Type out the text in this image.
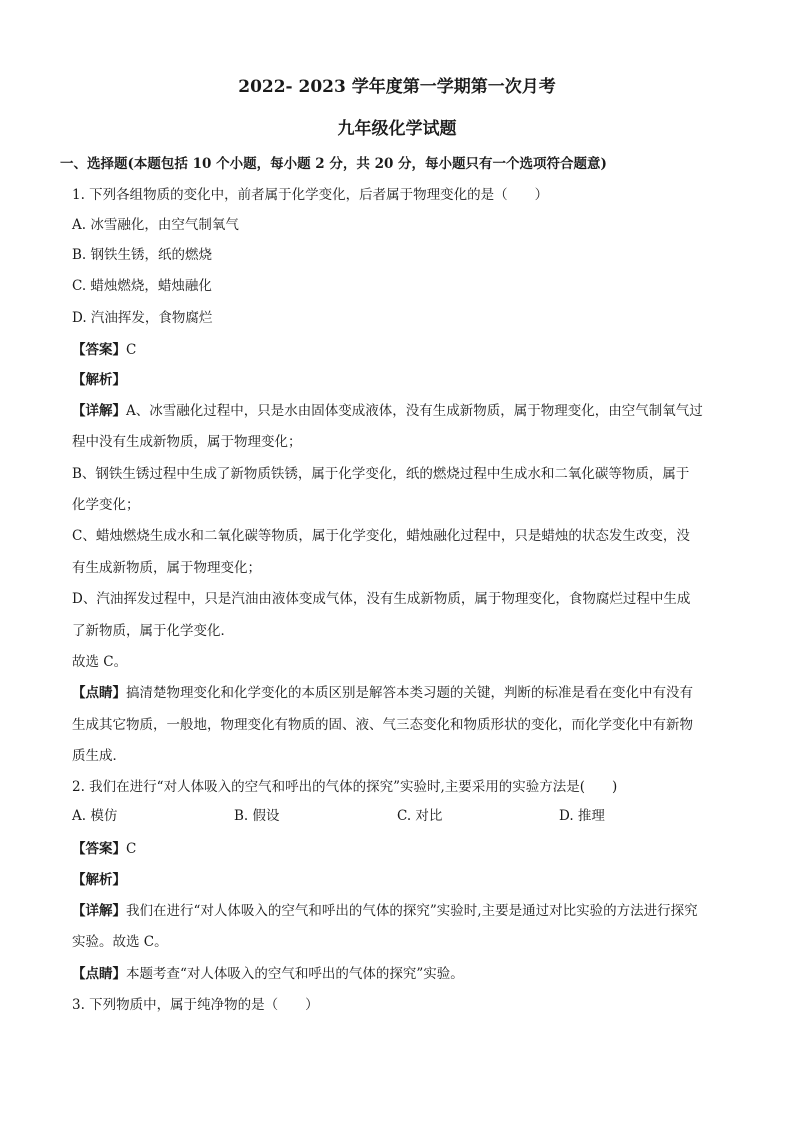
2022- 2023 学年度第一学期第一次月考
九年级化学试题
一、选择题(本题包括 10 个小题，每小题 2 分，共 20 分，每小题只有一个选项符合题意)
1. 下列各组物质的变化中，前者属于化学变化，后者属于物理变化的是（　　）
A. 冰雪融化，由空气制氧气
B. 钢铁生锈，纸的燃烧
C. 蜡烛燃烧，蜡烛融化
D. 汽油挥发，食物腐烂
【答案】C
【解析】
【详解】A、冰雪融化过程中，只是水由固体变成液体，没有生成新物质，属于物理变化，由空气制氧气过
程中没有生成新物质，属于物理变化；
B、钢铁生锈过程中生成了新物质铁锈，属于化学变化，纸的燃烧过程中生成水和二氧化碳等物质，属于
化学变化；
C、蜡烛燃烧生成水和二氧化碳等物质，属于化学变化，蜡烛融化过程中，只是蜡烛的状态发生改变，没
有生成新物质，属于物理变化；
D、汽油挥发过程中，只是汽油由液体变成气体，没有生成新物质，属于物理变化，食物腐烂过程中生成
了新物质，属于化学变化．
故选 C。
【点睛】搞清楚物理变化和化学变化的本质区别是解答本类习题的关键，判断的标准是看在变化中有没有
生成其它物质，一般地，物理变化有物质的固、液、气三态变化和物质形状的变化，而化学变化中有新物
质生成．
2. 我们在进行“对人体吸入的空气和呼出的气体的探究”实验时,主要采用的实验方法是(　　)
A. 模仿	B. 假设	C. 对比	D. 推理
【答案】C
【解析】
【详解】我们在进行“对人体吸入的空气和呼出的气体的探究”实验时,主要是通过对比实验的方法进行探究
实验。故选 C。
【点睛】本题考查“对人体吸入的空气和呼出的气体的探究”实验。
3. 下列物质中，属于纯净物的是（　　）
